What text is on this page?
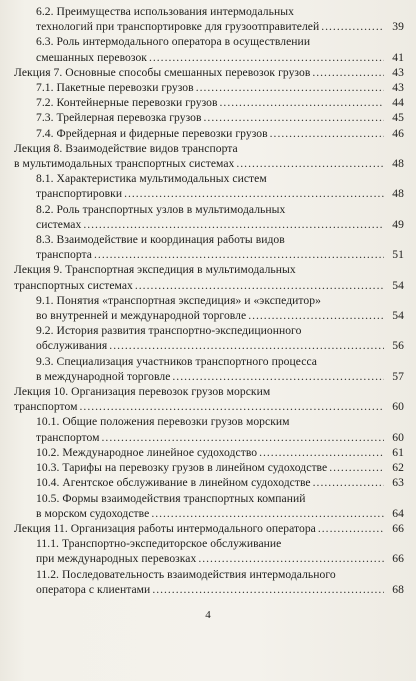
6.2. Преимущества использования интермодальных
технологий при транспортировке для грузоотправителей .....	39
6.3. Роль интермодального оператора в осуществлении
смешанных перевозок .....	41
Лекция 7. Основные способы смешанных перевозок грузов .....	43
7.1. Пакетные перевозки грузов .....	43
7.2. Контейнерные перевозки грузов .....	44
7.3. Трейлерная перевозка грузов .....	45
7.4. Фрейдерная и фидерные перевозки грузов .....	46
Лекция 8. Взаимодействие видов транспорта
в мультимодальных транспортных системах .....	48
8.1. Характеристика мультимодальных систем
транспортировки .....	48
8.2. Роль транспортных узлов в мультимодальных
системах .....	49
8.3. Взаимодействие и координация работы видов
транспорта .....	51
Лекция 9. Транспортная экспедиция в мультимодальных
транспортных системах .....	54
9.1. Понятия «транспортная экспедиция» и «экспедитор»
во внутренней и международной торговле .....	54
9.2. История развития транспортно-экспедиционного
обслуживания .....	56
9.3. Специализация участников транспортного процесса
в международной торговле .....	57
Лекция 10. Организация перевозок грузов морским
транспортом .....	60
10.1. Общие положения перевозки грузов морским
транспортом .....	60
10.2. Международное линейное судоходство .....	61
10.3. Тарифы на перевозку грузов в линейном судоходстве .....	62
10.4. Агентское обслуживание в линейном судоходстве .....	63
10.5. Формы взаимодействия транспортных компаний
в морском судоходстве .....	64
Лекция 11. Организация работы интермодального оператора .....	66
11.1. Транспортно-экспедиторское обслуживание
при международных перевозках .....	66
11.2. Последовательность взаимодействия интермодального
оператора с клиентами .....	68
4
